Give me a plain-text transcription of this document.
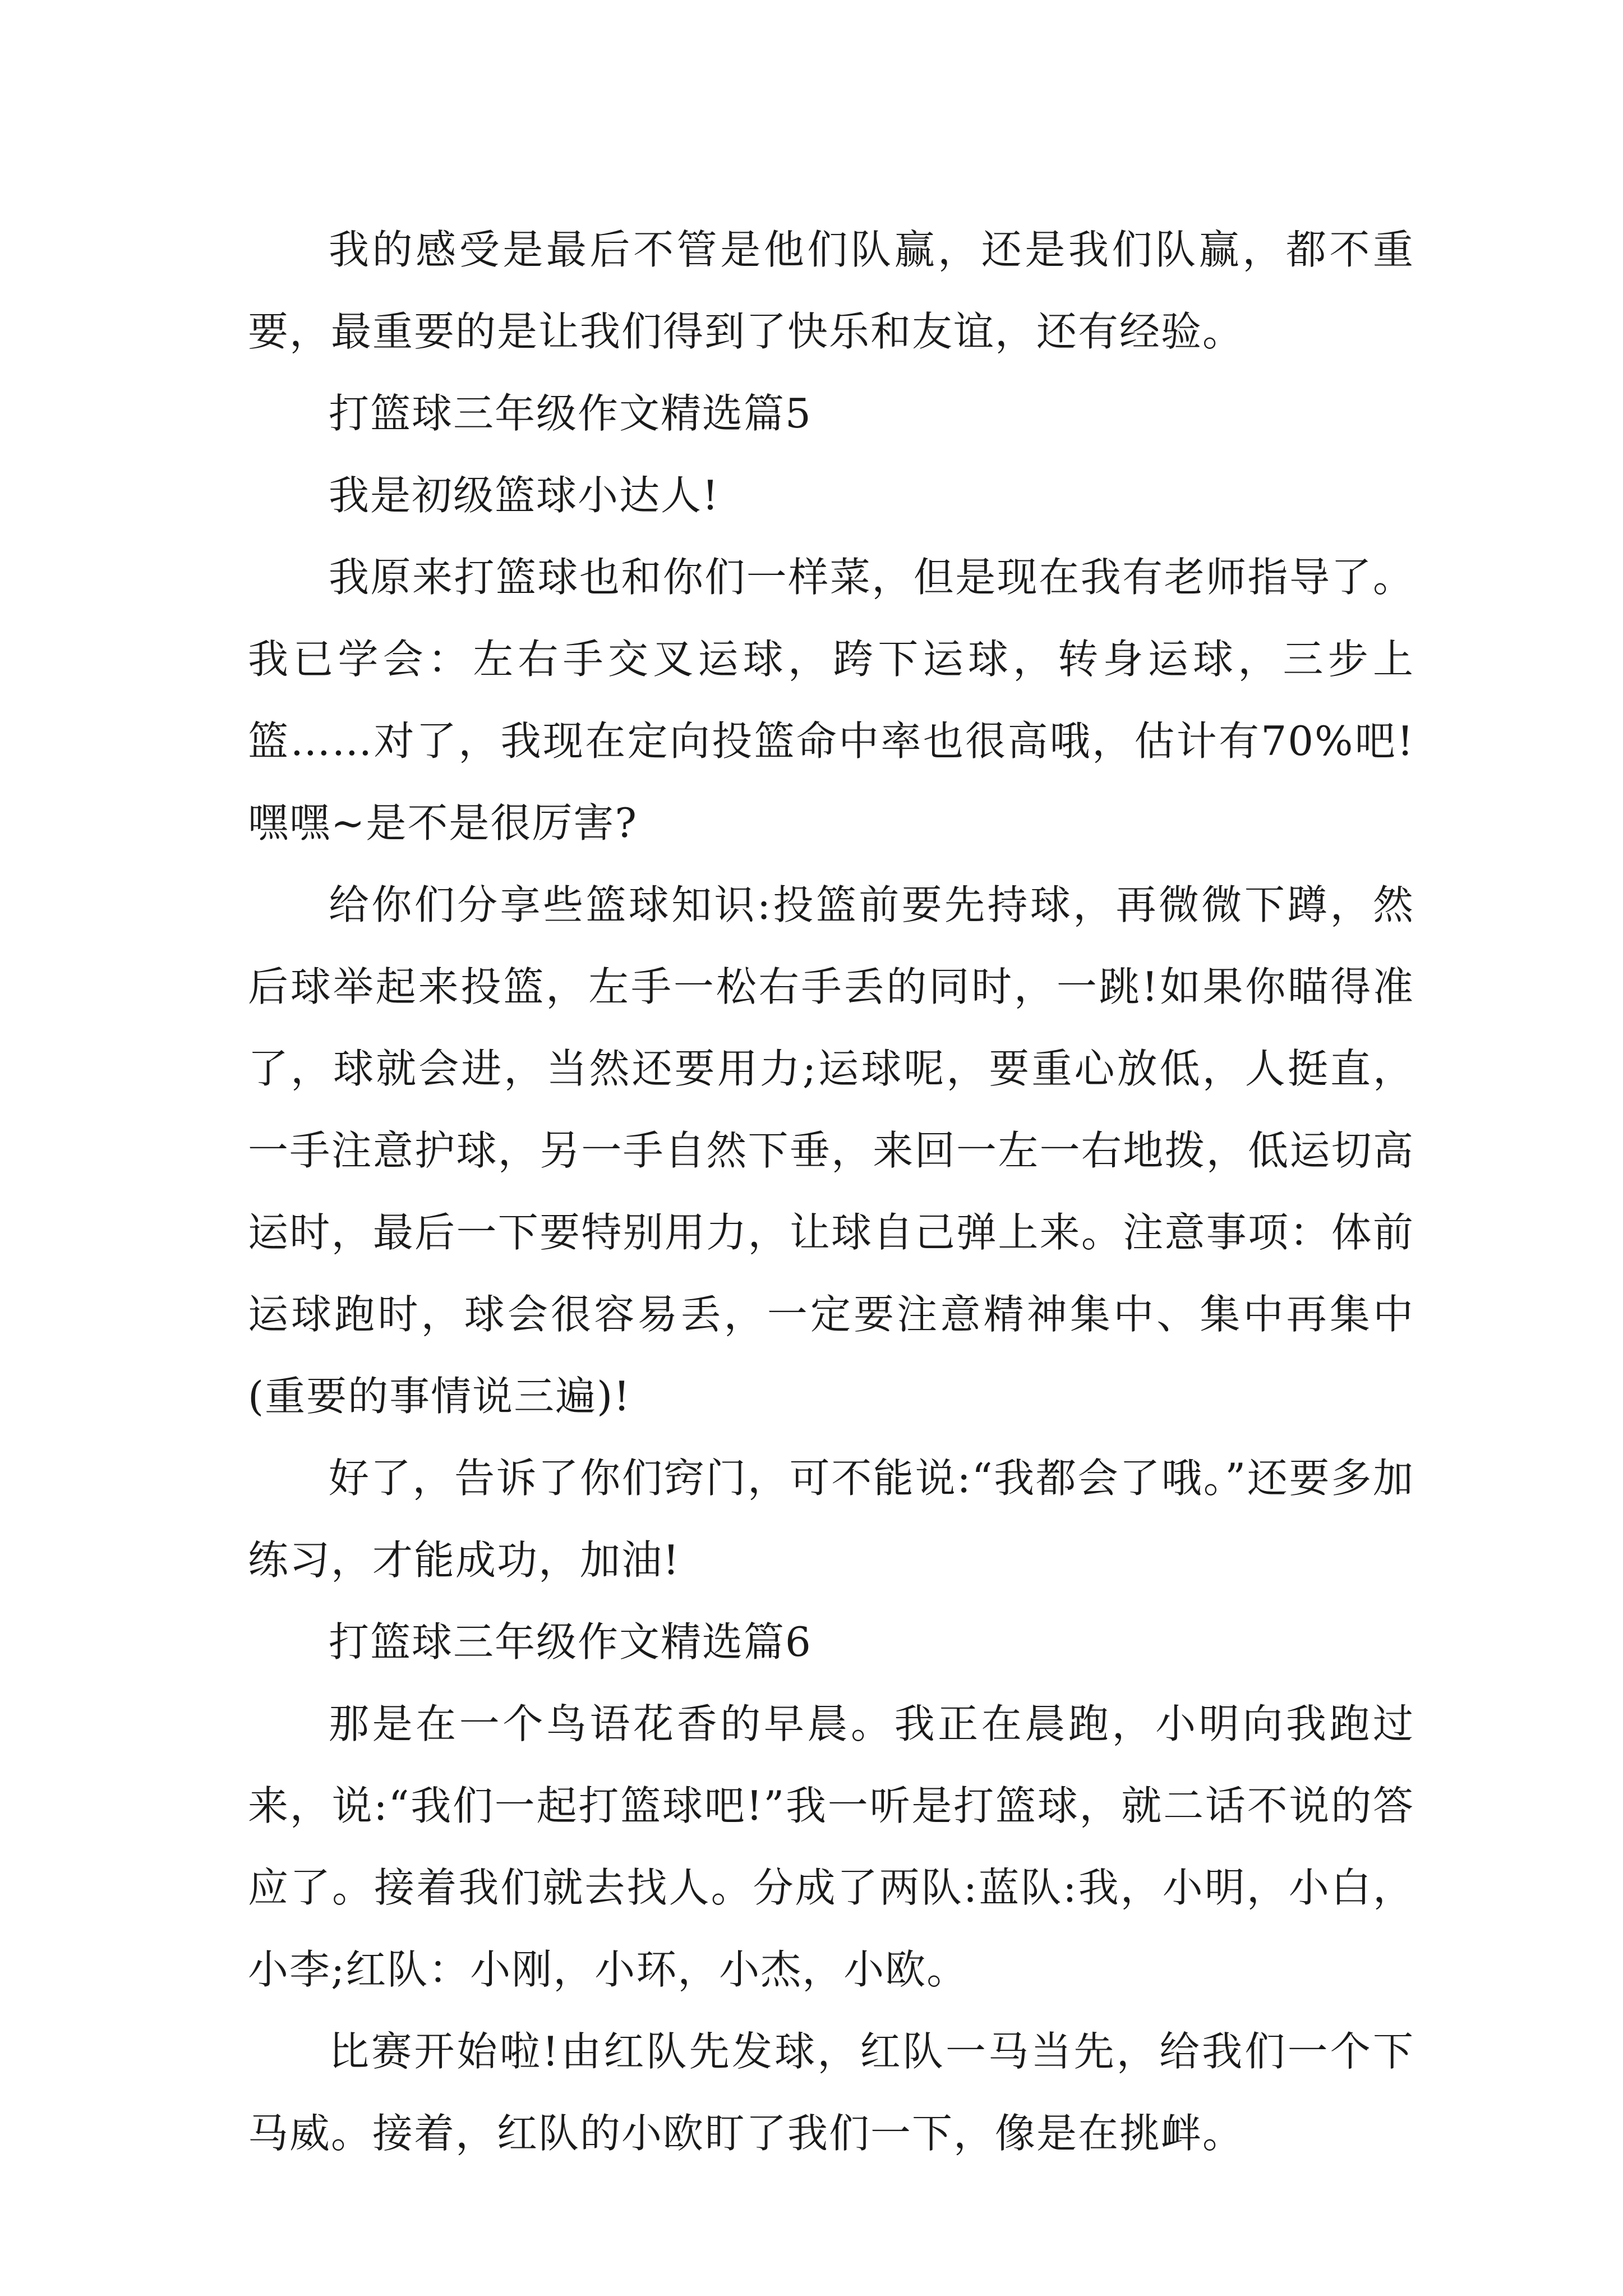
我的感受是最后不管是他们队赢，还是我们队赢，都不重要，最重要的是让我们得到了快乐和友谊，还有经验。

打篮球三年级作文精选篇5

我是初级篮球小达人!

我原来打篮球也和你们一样菜，但是现在我有老师指导了。我已学会：左右手交叉运球，跨下运球，转身运球，三步上篮……对了，我现在定向投篮命中率也很高哦，估计有70%吧!嘿嘿~是不是很厉害?

给你们分享些篮球知识:投篮前要先持球，再微微下蹲，然后球举起来投篮，左手一松右手丢的同时，一跳!如果你瞄得准了，球就会进，当然还要用力;运球呢，要重心放低，人挺直，一手注意护球，另一手自然下垂，来回一左一右地拨，低运切高运时，最后一下要特别用力，让球自己弹上来。注意事项：体前运球跑时，球会很容易丢，一定要注意精神集中、集中再集中(重要的事情说三遍)!

好了，告诉了你们窍门，可不能说:“我都会了哦。”还要多加练习，才能成功，加油!

打篮球三年级作文精选篇6

那是在一个鸟语花香的早晨。我正在晨跑，小明向我跑过来，说:“我们一起打篮球吧!”我一听是打篮球，就二话不说的答应了。接着我们就去找人。分成了两队:蓝队:我，小明，小白，小李;红队：小刚，小环，小杰，小欧。

比赛开始啦!由红队先发球，红队一马当先，给我们一个下马威。接着，红队的小欧盯了我们一下，像是在挑衅。
